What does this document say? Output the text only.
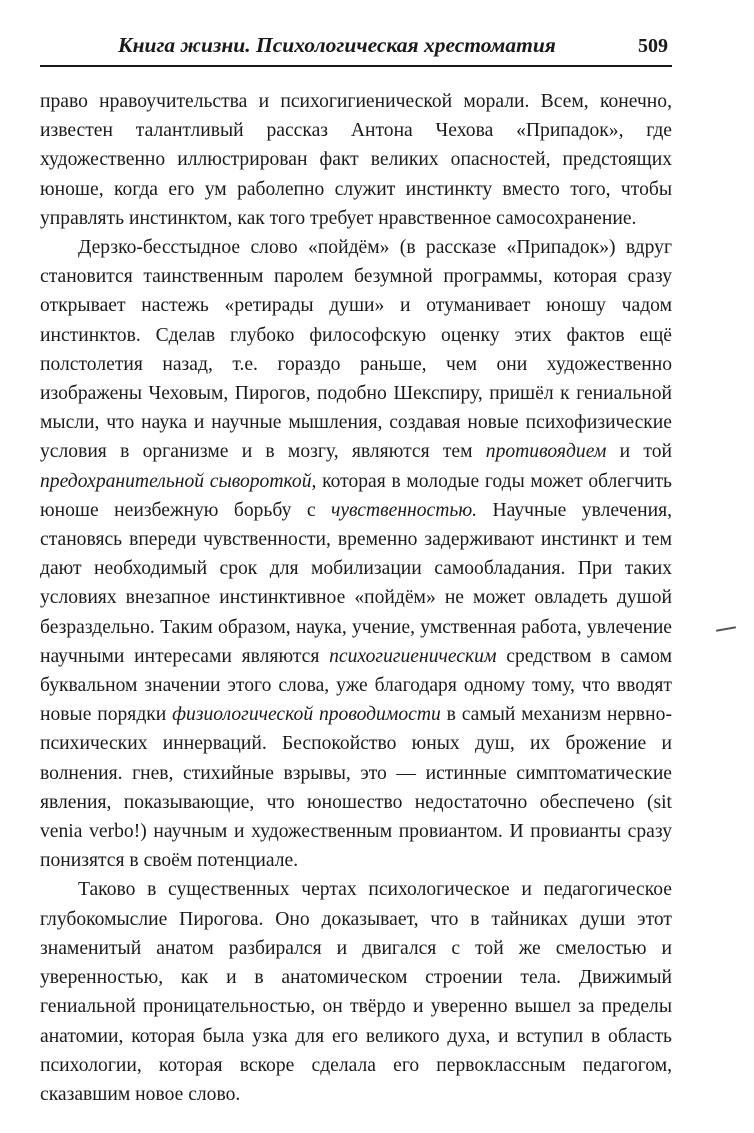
Книга жизни. Психологическая хрестоматия	509

право нравоучительства и психогигиенической морали. Всем, конечно, известен талантливый рассказ Антона Чехова «Припадок», где художественно иллюстрирован факт великих опасностей, предстоящих юноше, когда его ум раболепно служит инстинкту вместо того, чтобы управлять инстинктом, как того требует нравственное самосохранение.

Дерзко-бесстыдное слово «пойдём» (в рассказе «Припадок») вдруг становится таинственным паролем безумной программы, которая сразу открывает настежь «ретирады души» и отуманивает юношу чадом инстинктов. Сделав глубоко философскую оценку этих фактов ещё полстолетия назад, т.е. гораздо раньше, чем они художественно изображены Чеховым, Пирогов, подобно Шекспиру, пришёл к гениальной мысли, что наука и научные мышления, создавая новые психофизические условия в организме и в мозгу, являются тем противоядием и той предохранительной сывороткой, которая в молодые годы может облегчить юноше неизбежную борьбу с чувственностью. Научные увлечения, становясь впереди чувственности, временно задерживают инстинкт и тем дают необходимый срок для мобилизации самообладания. При таких условиях внезапное инстинктивное «пойдём» не может овладеть душой безраздельно. Таким образом, наука, учение, умственная работа, увлечение научными интересами являются психогигиеническим средством в самом буквальном значении этого слова, уже благодаря одному тому, что вводят новые порядки физиологической проводимости в самый механизм нервно-психических иннерваций. Беспокойство юных душ, их брожение и волнения. гнев, стихийные взрывы, это — истинные симптоматические явления, показывающие, что юношество недостаточно обеспечено (sit venia verbo!) научным и художественным провиантом. И провианты сразу понизятся в своём потенциале.

Таково в существенных чертах психологическое и педагогическое глубокомыслие Пирогова. Оно доказывает, что в тайниках души этот знаменитый анатом разбирался и двигался с той же смелостью и уверенностью, как и в анатомическом строении тела. Движимый гениальной проницательностью, он твёрдо и уверенно вышел за пределы анатомии, которая была узка для его великого духа, и вступил в область психологии, которая вскоре сделала его первоклассным педагогом, сказавшим новое слово.
